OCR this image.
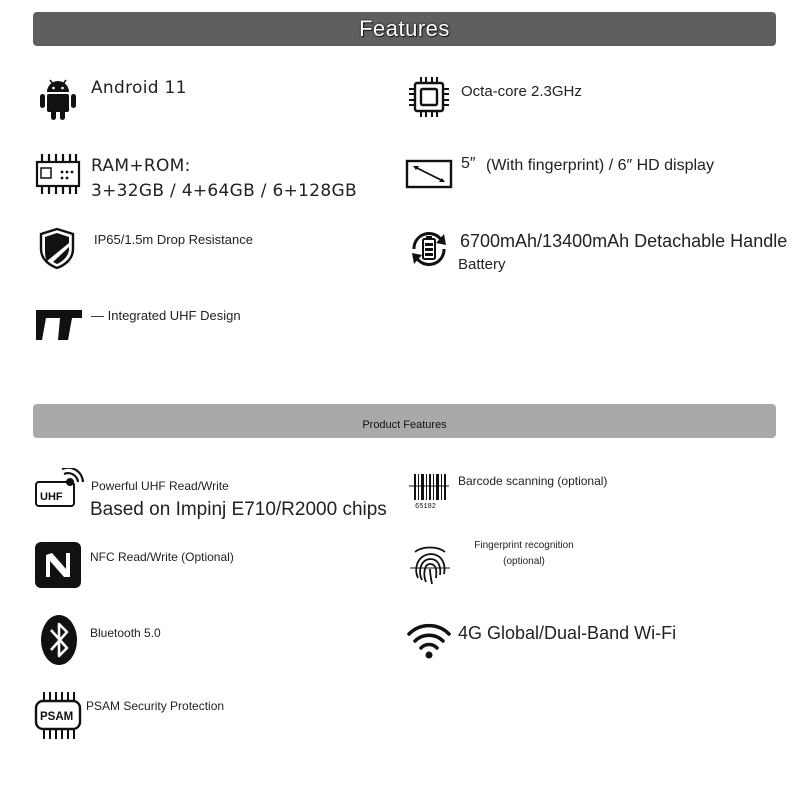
Features
Android 11	Octa-core 2.3GHz
RAM+ROM:
3+32GB / 4+64GB / 6+128GB
5″ (With fingerprint) / 6″ HD display
IP65/1.5m Drop Resistance	6700mAh/13400mAh Detachable Handle
Battery
— Integrated UHF Design
Product Features
UHF
Powerful UHF Read/Write
Based on Impinj E710/R2000 chips	65182
Barcode scanning (optional)
NFC Read/Write (Optional)
Fingerprint recognition
(optional)
Bluetooth 5.0	4G Global/Dual-Band Wi-Fi
PSAM
PSAM Security Protection
